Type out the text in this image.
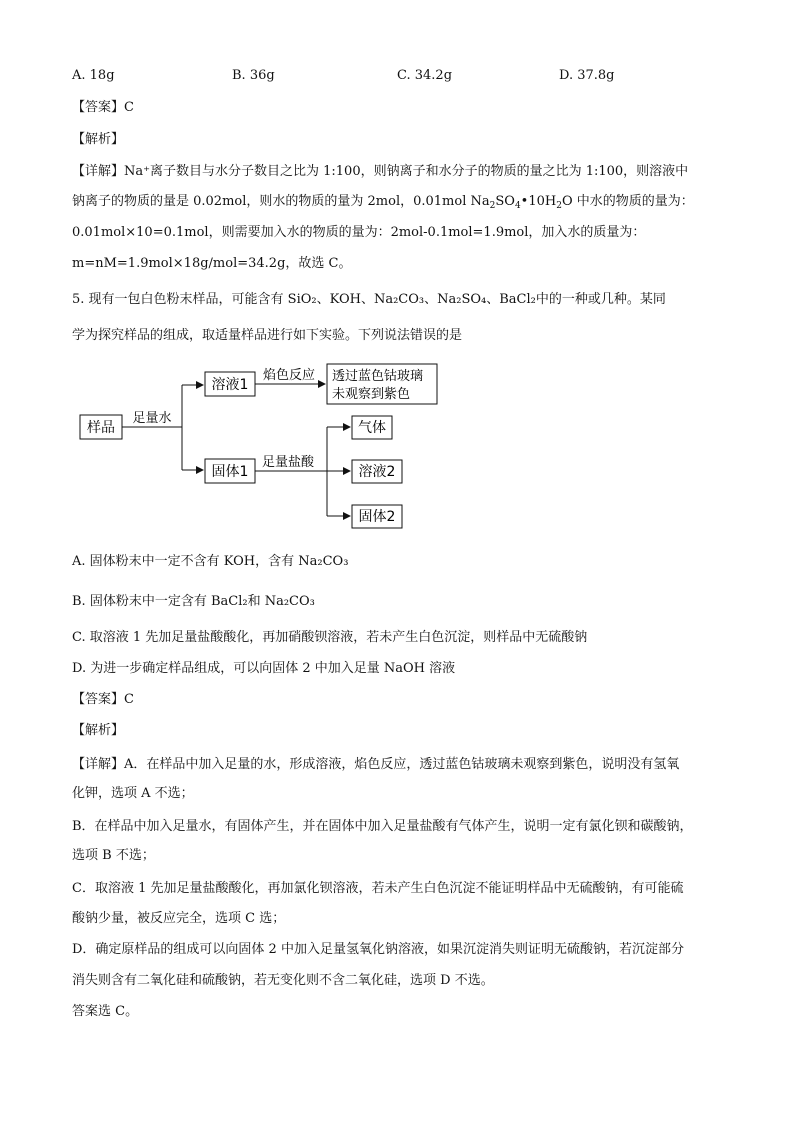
A. 18g	B. 36g	C. 34.2g	D. 37.8g
【答案】C
【解析】
【详解】Na⁺离子数目与水分子数目之比为 1:100，则钠离子和水分子的物质的量之比为 1:100，则溶液中
钠离子的物质的量是 0.02mol，则水的物质的量为 2mol，0.01mol $Na_2SO_4•10H_2O$ 中水的物质的量为：
0.01mol×10=0.1mol，则需要加入水的物质的量为：2mol-0.1mol=1.9mol，加入水的质量为：
m=nM=1.9mol×18g/mol=34.2g，故选 C。
5. 现有一包白色粉末样品，可能含有 SiO₂、KOH、Na₂CO₃、Na₂SO₄、BaCl₂中的一种或几种。某同
学为探究样品的组成，取适量样品进行如下实验。下列说法错误的是
样品
足量水
溶液1
焰色反应 透过蓝色钴玻璃
未观察到紫色
固体1
足量盐酸
气体
溶液2
固体2
A. 固体粉末中一定不含有 KOH，含有 Na₂CO₃
B. 固体粉末中一定含有 BaCl₂和 Na₂CO₃
C. 取溶液 1 先加足量盐酸酸化，再加硝酸钡溶液，若未产生白色沉淀，则样品中无硫酸钠
D. 为进一步确定样品组成，可以向固体 2 中加入足量 NaOH 溶液
【答案】C
【解析】
【详解】A．在样品中加入足量的水，形成溶液，焰色反应，透过蓝色钴玻璃未观察到紫色，说明没有氢氧
化钾，选项 A 不选；
B．在样品中加入足量水，有固体产生，并在固体中加入足量盐酸有气体产生，说明一定有氯化钡和碳酸钠，
选项 B 不选；
C．取溶液 1 先加足量盐酸酸化，再加氯化钡溶液，若未产生白色沉淀不能证明样品中无硫酸钠，有可能硫
酸钠少量，被反应完全，选项 C 选；
D．确定原样品的组成可以向固体 2 中加入足量氢氧化钠溶液，如果沉淀消失则证明无硫酸钠，若沉淀部分
消失则含有二氧化硅和硫酸钠，若无变化则不含二氧化硅，选项 D 不选。
答案选 C。
